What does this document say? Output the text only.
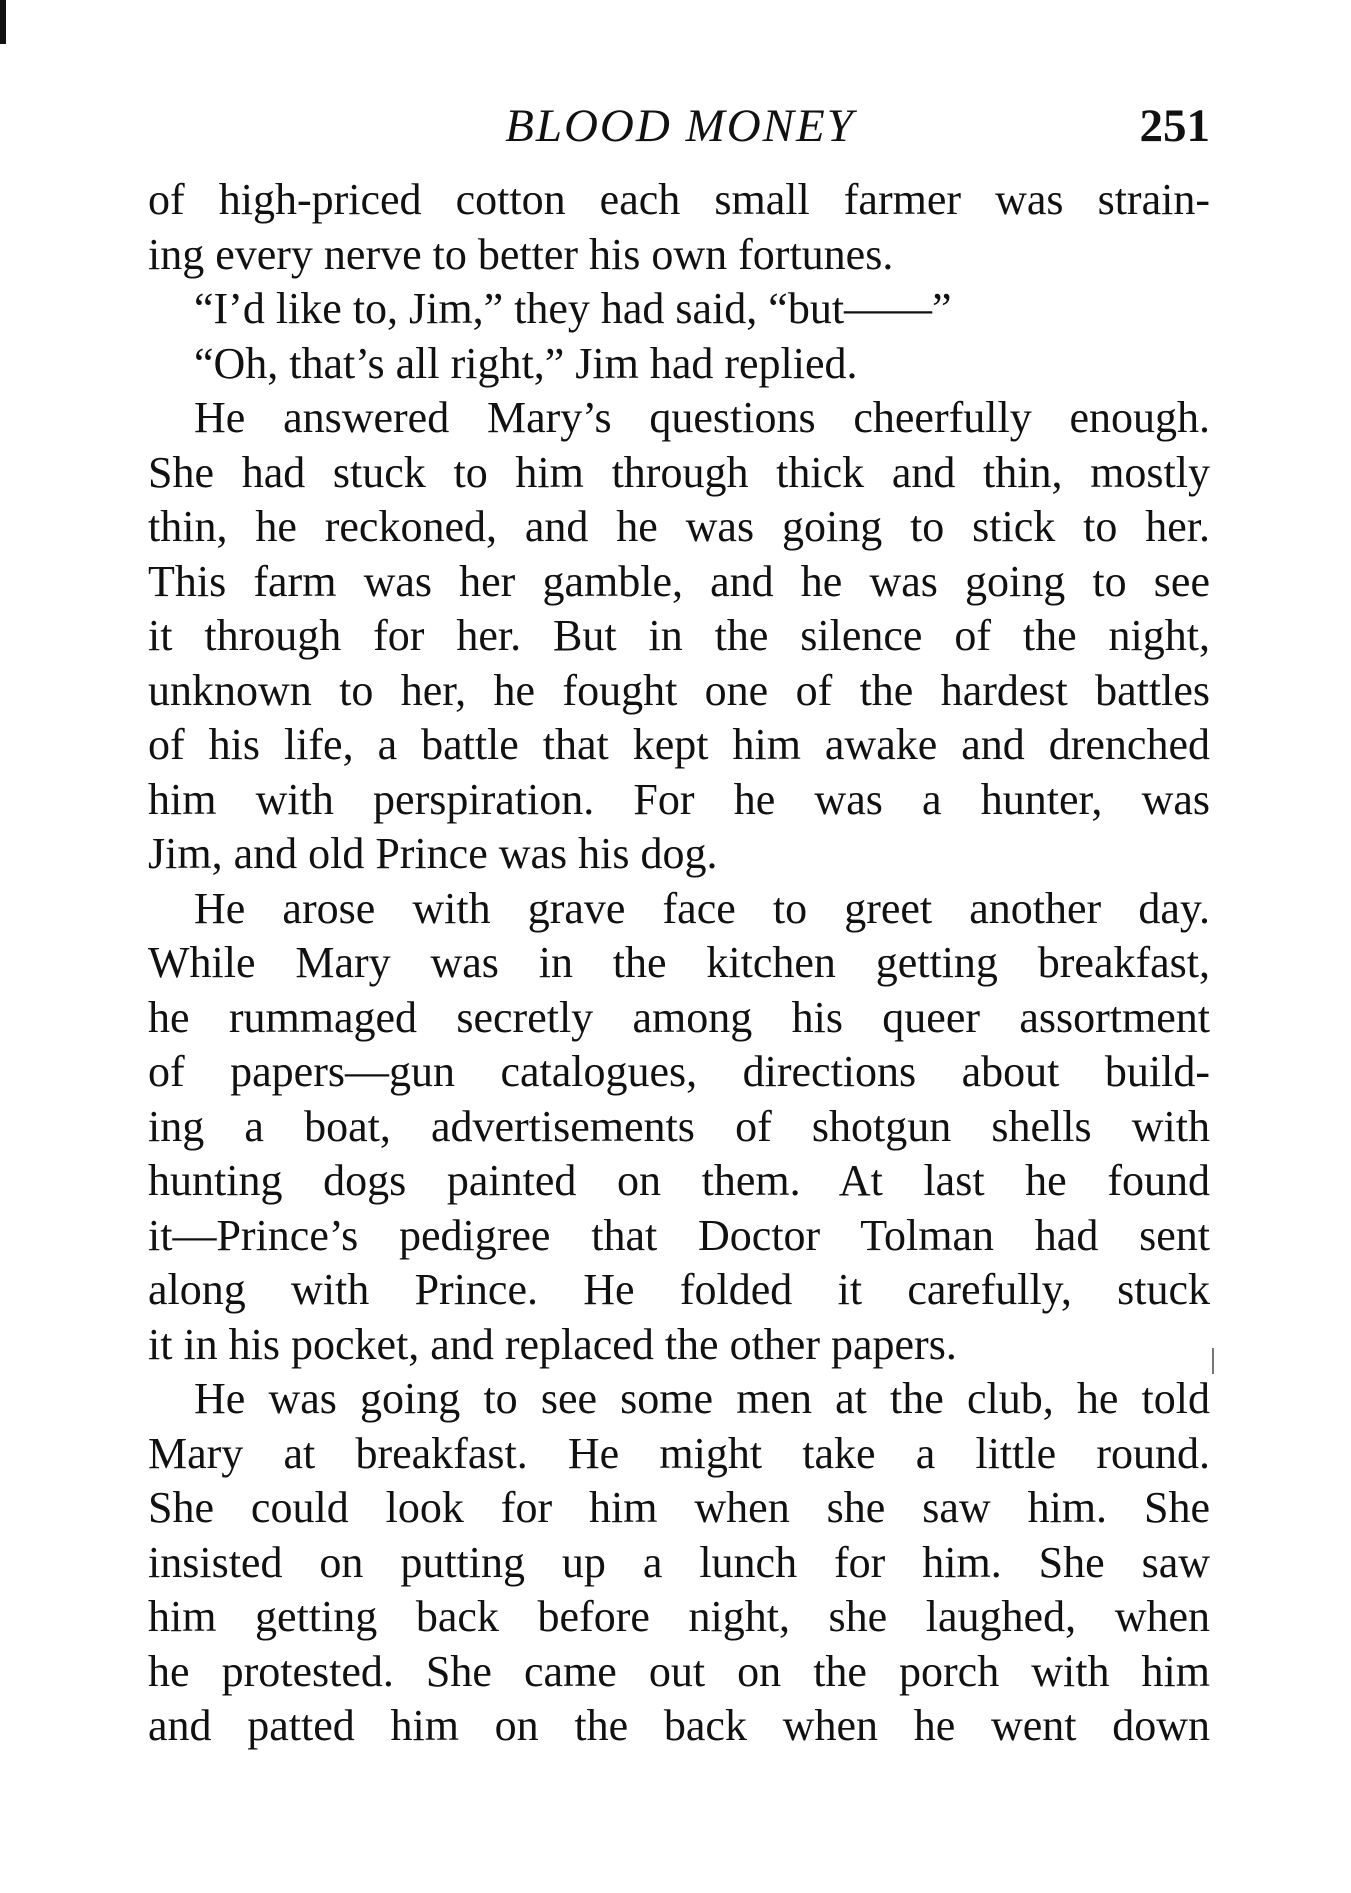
BLOOD MONEY	251
of high-priced cotton each small farmer was strain-
ing every nerve to better his own fortunes.
“I’d like to, Jim,” they had said, “but——”
“Oh, that’s all right,” Jim had replied.
He answered Mary’s questions cheerfully enough.
She had stuck to him through thick and thin, mostly
thin, he reckoned, and he was going to stick to her.
This farm was her gamble, and he was going to see
it through for her. But in the silence of the night,
unknown to her, he fought one of the hardest battles
of his life, a battle that kept him awake and drenched
him with perspiration. For he was a hunter, was
Jim, and old Prince was his dog.
He arose with grave face to greet another day.
While Mary was in the kitchen getting breakfast,
he rummaged secretly among his queer assortment
of papers—gun catalogues, directions about build-
ing a boat, advertisements of shotgun shells with
hunting dogs painted on them. At last he found
it—Prince’s pedigree that Doctor Tolman had sent
along with Prince. He folded it carefully, stuck
it in his pocket, and replaced the other papers.
He was going to see some men at the club, he told
Mary at breakfast. He might take a little round.
She could look for him when she saw him. She
insisted on putting up a lunch for him. She saw
him getting back before night, she laughed, when
he protested. She came out on the porch with him
and patted him on the back when he went down
